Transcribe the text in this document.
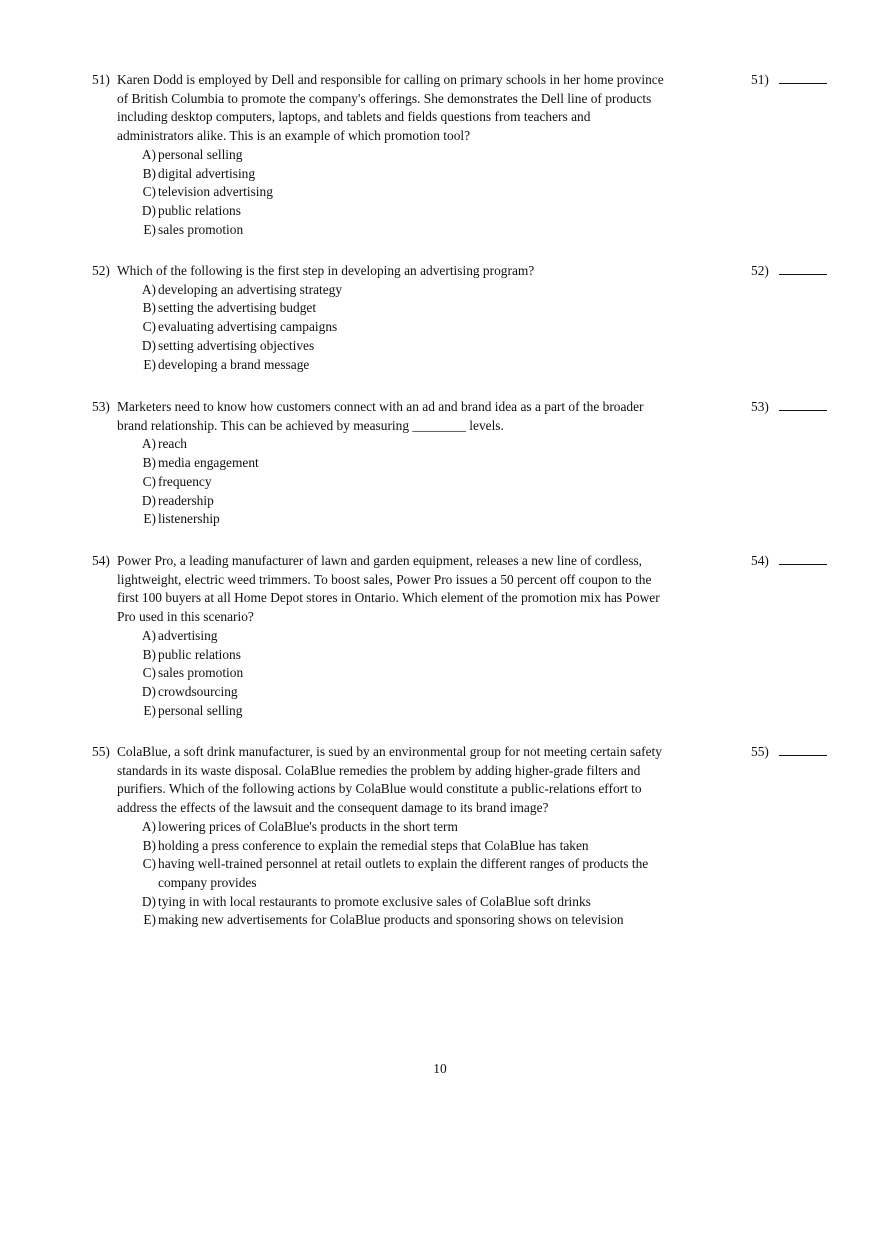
51) Karen Dodd is employed by Dell and responsible for calling on primary schools in her home province of British Columbia to promote the company's offerings. She demonstrates the Dell line of products including desktop computers, laptops, and tablets and fields questions from teachers and administrators alike. This is an example of which promotion tool?
A) personal selling
B) digital advertising
C) television advertising
D) public relations
E) sales promotion
51)
52) Which of the following is the first step in developing an advertising program?
A) developing an advertising strategy
B) setting the advertising budget
C) evaluating advertising campaigns
D) setting advertising objectives
E) developing a brand message
52)
53) Marketers need to know how customers connect with an ad and brand idea as a part of the broader brand relationship. This can be achieved by measuring ________ levels.
A) reach
B) media engagement
C) frequency
D) readership
E) listenership
53)
54) Power Pro, a leading manufacturer of lawn and garden equipment, releases a new line of cordless, lightweight, electric weed trimmers. To boost sales, Power Pro issues a 50 percent off coupon to the first 100 buyers at all Home Depot stores in Ontario. Which element of the promotion mix has Power Pro used in this scenario?
A) advertising
B) public relations
C) sales promotion
D) crowdsourcing
E) personal selling
54)
55) ColaBlue, a soft drink manufacturer, is sued by an environmental group for not meeting certain safety standards in its waste disposal. ColaBlue remedies the problem by adding higher-grade filters and purifiers. Which of the following actions by ColaBlue would constitute a public-relations effort to address the effects of the lawsuit and the consequent damage to its brand image?
A) lowering prices of ColaBlue's products in the short term
B) holding a press conference to explain the remedial steps that ColaBlue has taken
C) having well-trained personnel at retail outlets to explain the different ranges of products the company provides
D) tying in with local restaurants to promote exclusive sales of ColaBlue soft drinks
E) making new advertisements for ColaBlue products and sponsoring shows on television
55)
10
